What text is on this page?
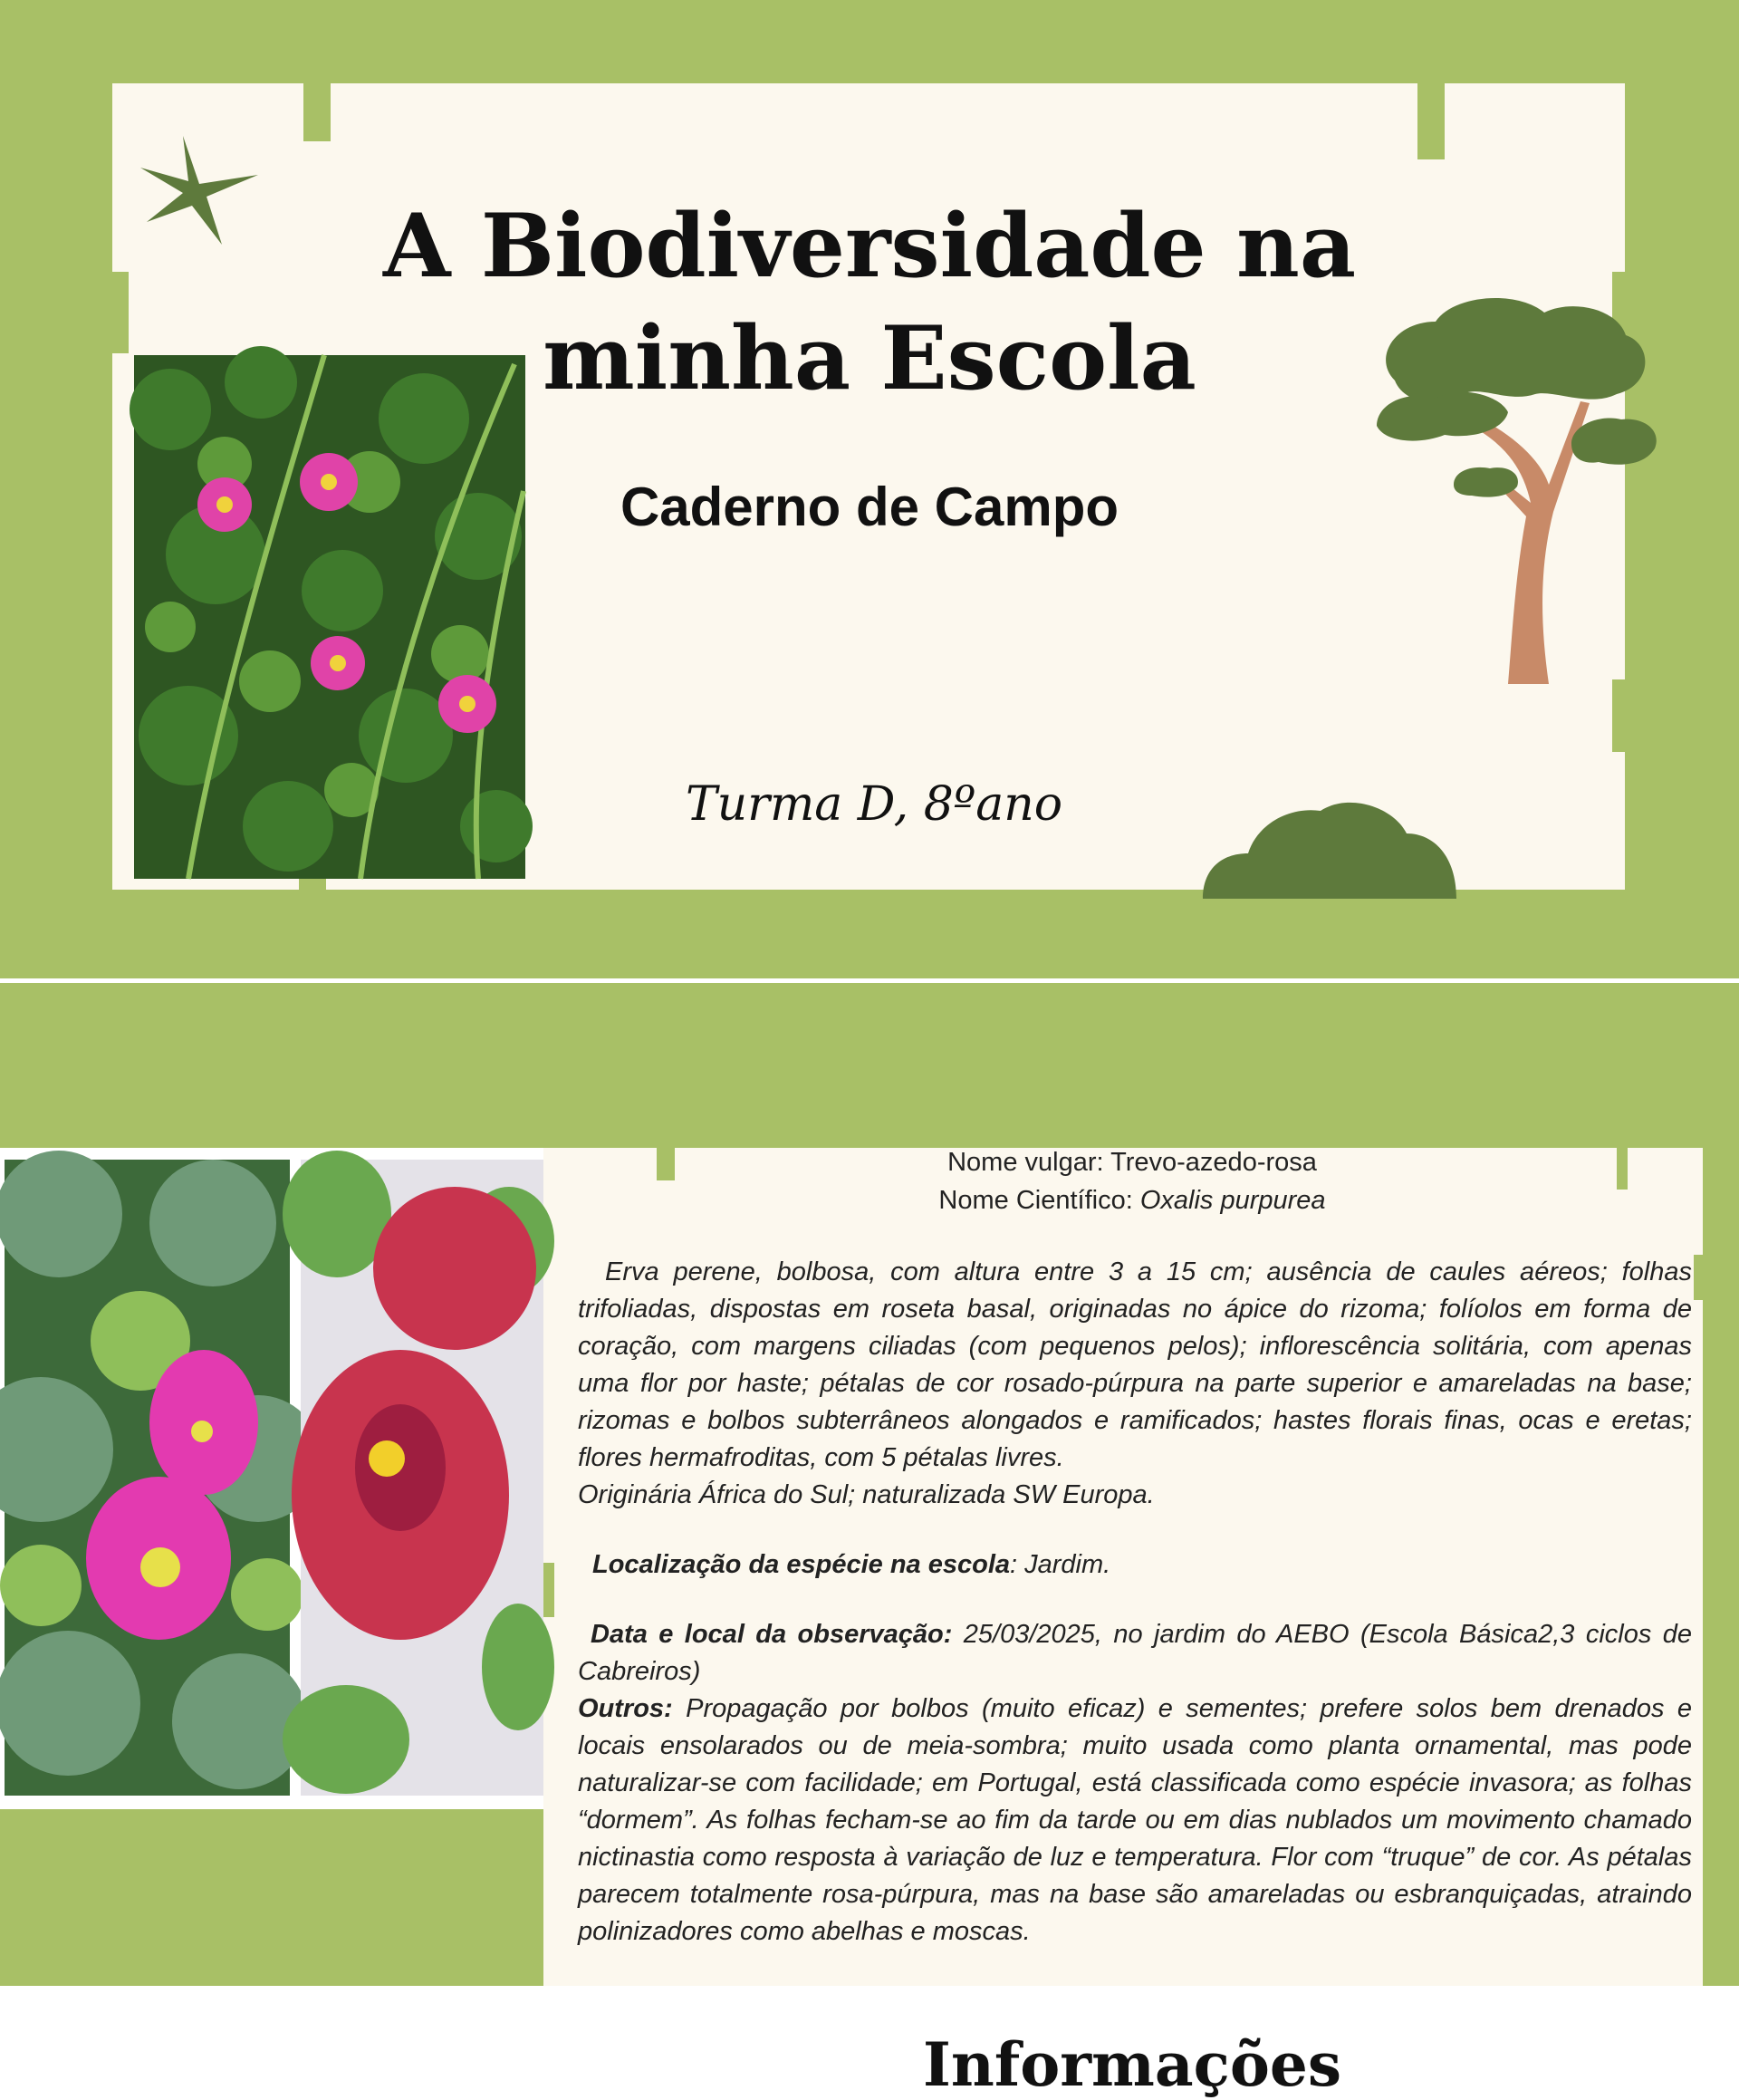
A Biodiversidade na
minha Escola
Caderno de Campo
Turma D, 8ºano
Informações
Nome vulgar: Trevo-azedo-rosa
Nome Científico: Oxalis purpurea

Erva perene, bolbosa, com altura entre 3 a 15 cm; ausência de caules aéreos; folhas trifoliadas, dispostas em roseta basal, originadas no ápice do rizoma; folíolos em forma de coração, com margens ciliadas (com pequenos pelos); inflorescência solitária, com apenas uma flor por haste; pétalas de cor rosado-púrpura na parte superior e amareladas na base; rizomas e bolbos subterrâneos alongados e ramificados; hastes florais finas, ocas e eretas; flores hermafroditas, com 5 pétalas livres.

Originária África do Sul; naturalizada SW Europa.

Localização da espécie na escola: Jardim.

Data e local da observação: 25/03/2025, no jardim do AEBO (Escola Básica2,3 ciclos de Cabreiros)

Outros: Propagação por bolbos (muito eficaz) e sementes; prefere solos bem drenados e locais ensolarados ou de meia-sombra; muito usada como planta ornamental, mas pode naturalizar-se com facilidade; em Portugal, está classificada como espécie invasora; as folhas “dormem”. As folhas fecham-se ao fim da tarde ou em dias nublados um movimento chamado nictinastia como resposta à variação de luz e temperatura. Flor com “truque” de cor. As pétalas parecem totalmente rosa-púrpura, mas na base são amareladas ou esbranquiçadas, atraindo polinizadores como abelhas e moscas.
